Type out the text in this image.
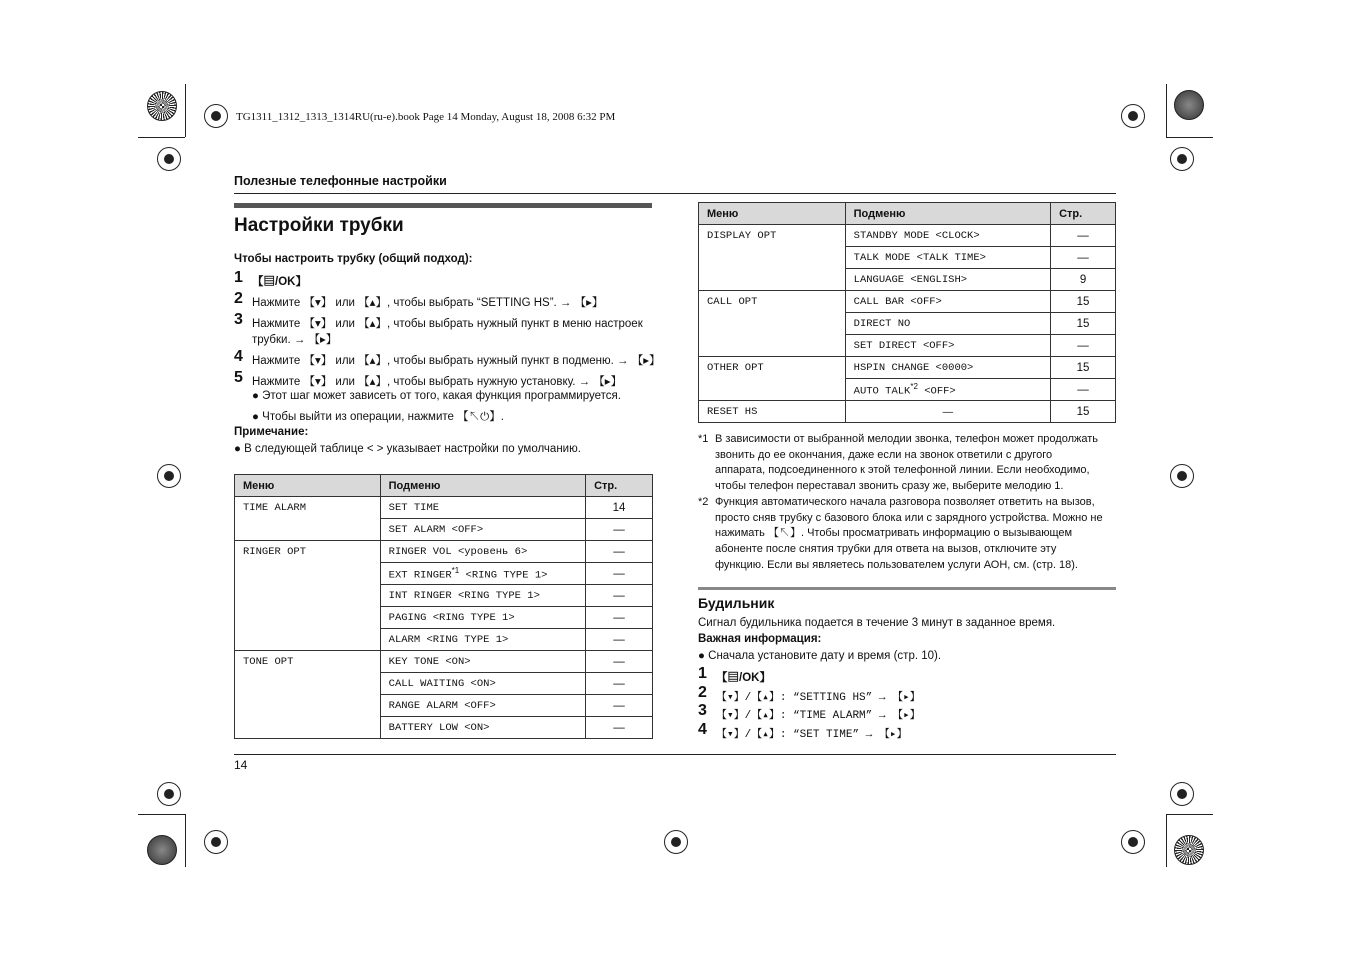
TG1311_1312_1313_1314RU(ru-e).book Page 14 Monday, August 18, 2008 6:32 PM
Полезные телефонные настройки
Настройки трубки
Чтобы настроить трубку (общий подход):
1 【▤/OK】
2 Нажмите 【▾】 или 【▴】, чтобы выбрать “SETTING HS”. → 【▸】
3 Нажмите 【▾】 или 【▴】, чтобы выбрать нужный пункт в меню настроек
трубки. → 【▸】
4 Нажмите 【▾】 или 【▴】, чтобы выбрать нужный пункт в подменю. → 【▸】
5 Нажмите 【▾】 или 【▴】, чтобы выбрать нужную установку. → 【▸】
● Этот шаг может зависеть от того, какая функция программируется.
● Чтобы выйти из операции, нажмите 【↖⏻】.
Примечание:
● В следующей таблице < > указывает настройки по умолчанию.
Меню	Подменю	Стр.
TIME ALARM	SET TIME	14
	SET ALARM <OFF>	—
RINGER OPT	RINGER VOL <уровень 6>	—
	EXT $RINGER^{*1}$ <RING TYPE 1>	—
	INT RINGER <RING TYPE 1>	—
	PAGING <RING TYPE 1>	—
	ALARM <RING TYPE 1>	—
TONE OPT	KEY TONE <ON>	—
	CALL WAITING <ON>	—
	RANGE ALARM <OFF>	—
	BATTERY LOW <ON>	—
Меню	Подменю	Стр.
DISPLAY OPT	STANDBY MODE <CLOCK>	—
	TALK MODE <TALK TIME>	—
	LANGUAGE <ENGLISH>	9
CALL OPT	CALL BAR <OFF>	15
	DIRECT NO	15
	SET DIRECT <OFF>	—
OTHER OPT	HSPIN CHANGE <0000>	15
	AUTO $TALK^{*2} <OFF>$	—
RESET HS	—	15
*1 В зависимости от выбранной мелодии звонка, телефон может продолжать
звонить до ее окончания, даже если на звонок ответили с другого
аппарата, подсоединенного к этой телефонной линии. Если необходимо,
чтобы телефон переставал звонить сразу же, выберите мелодию 1.
*2 Функция автоматического начала разговора позволяет ответить на вызов,
просто сняв трубку с базового блока или с зарядного устройства. Можно не
нажимать 【↖】. Чтобы просматривать информацию о вызывающем
абоненте после снятия трубки для ответа на вызов, отключите эту
функцию. Если вы являетесь пользователем услуги АОН, см. (стр. 18).
Будильник
Сигнал будильника подается в течение 3 минут в заданное время.
Важная информация:
● Сначала установите дату и время (стр. 10).
1 【▤/OK】
2 【▾】/【▴】: “SETTING HS” → 【▸】
3 【▾】/【▴】: “TIME ALARM” → 【▸】
4 【▾】/【▴】: “SET TIME” → 【▸】
14
